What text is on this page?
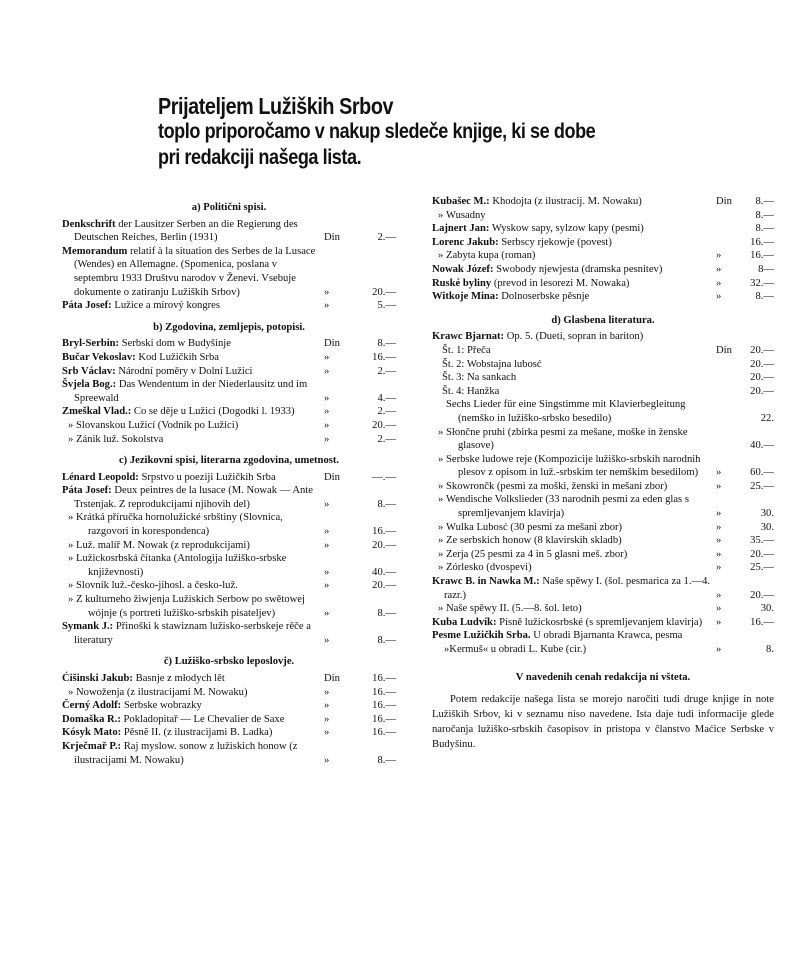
Prijateljem Lužiških Srbov
toplo priporočamo v nakup sledeče knjige, ki se dobe
pri redakciji našega lista.
a) Politični spisi.
Denkschrift der Lausitzer Serben an die Regierung des Deutschen Reiches, Berlin (1931)	Din	2.—
Memorandum relatif à la situation des Serbes de la Lusace (Wendes) en Allemagne. (Spomenica, poslana v septembru 1933 Društvu narodov v Ženevi. Vsebuje dokumente o zatiranju Lužiških Srbov)	»	20.—
Páta Josef: Lužice a mírový kongres	»	5.—
b) Zgodovina, zemljepis, potopisi.
Bryl-Serbin: Serbski dom w Budyšinje	Din	8.—
Bučar Vekoslav: Kod Lužičkih Srba	»	16.—
Srb Václav: Národní poměry v Dolní Lužici	»	2.—
Švjela Bog.: Das Wendentum in der Niederlausitz und im Spreewald	»	4.—
Zmeškal Vlad.: Co se děje u Lužici (Dogodki l. 1933)	»	2.—
» Slovanskou Lužicí (Vodník po Lužici)	»	20.—
» Zánik luž. Sokolstva	»	2.—
c) Jezikovni spisi, literarna zgodovina, umetnost.
Lénard Leopold: Srpstvo u poeziji Lužičkih Srba	Din	—.—
Páta Josef: Deux peintres de la lusace (M. Nowak — Ante Trstenjak. Z reprodukcijami njihovih del)	»	8.—
» Krátká příručka hornolužické srbštiny (Slovnica, razgovori in korespondenca)	»	16.—
» Luž. malíř M. Nowak (z reprodukcijami)	»	20.—
» Lužickosrbská čítanka (Antologija lužiško-srbske književnosti)	»	40.—
» Slovník luž.-česko-jihosl. a česko-luž.	»	20.—
» Z kulturneho žiwjenja Lužiskich Serbow po swětowej wójnje (s portreti lužiško-srbskih pisateljev)	»	8.—
Symank J.: Přinoški k stawiznam lužisko-serbskeje rěče a literatury	»	8.—
č) Lužiško-srbsko leposlovje.
Ćišinski Jakub: Basnje z młodych lět	Din	16.—
» Nowoženja (z ilustracijami M. Nowaku)	»	16.—
Černý Adolf: Serbske wobrazky	»	16.—
Domaška R.: Pokladopitař — Le Chevalier de Saxe	»	16.—
Kósyk Mato: Pěsnĕ II. (z ilustracijami B. Ladka)	»	16.—
Krječmař P.: Raj myslow. sonow z lužiskich honow (z ilustracijami M. Nowaku)	»	8.—
Kubašec M.: Khodojta (z ilustracij. M. Nowaku)	Din 8.—
» Wusadny	8.—
Lajnert Jan: Wyskow sapy, sylzow kapy (pesmi)	8.—
Lorenc Jakub: Serbscy rjekowje (povest)	16.—
» Zabyta kupa (roman)	»	16.—
Nowak Józef: Swobody njewjesta (dramska pesnitev)	»	8—
Ruské byliny (prevod in lesorezi M. Nowaka)	»	32.—
Witkoje Mina: Dolnoserbske pěsnje	»	8.—
d) Glasbena literatura.
Krawc Bjarnat: Op. 5. (Dueti, sopran in bariton)
Št. 1: Přeča	Din 20.—
Št. 2: Wobstajna lubosć	20.—
Št. 3: Na sankach	20.—
Št. 4: Hanžka	20.—
Sechs Lieder für eine Singstimme mit Klavierbegleitung (nemško in lužiško-srbsko besedilo)	22.
» Słončne pruhi (zbirka pesmi za mešane, moške in ženske glasove)	40.—
» Serbske ludowe reje (Kompozicije lužiško-srbskih narodnih plesov z opisom in luž.-srbskim ter nemškim besedilom)	»	60.—
» Skowrončk (pesmi za moški, ženski in mešani zbor)	»	25.—
» Wendische Volkslieder (33 narodnih pesmi za eden glas s spremljevanjem klavirja)	»	30.
» Wulka Lubosć (30 pesmi za mešani zbor)	»	30.
» Ze serbskich honow (8 klavirskih skladb)	»	35.—
» Zerja (25 pesmi za 4 in 5 glasni meš. zbor)	»	20.—
» Zórlesko (dvospevi)	»	25.—
Krawc B. in Nawka M.: Naše spěwy I. (šol. pesmarica za 1.—4. razr.)	»	20.—
» Naše spěwy II. (5.—8. šol. leto)	»	30.
Kuba Ludvík: Písně lužickosrbské (s spremljevanjem klavirja)	»	16.—
Pesme Lužičkih Srba. U obradi Bjarnanta Krawca, pesma »Kermuš« u obradi L. Kube (cir.)	»	8.
V navedenih cenah redakcija ni všteta.
Potem redakcije našega lista se morejo naročiti tudi druge knjige in note Lužiških Srbov, ki v seznamu niso navedene. Ista daje tudi informacije glede naročanja lužiško-srbskih časopisov in pristopa v članstvo Maćice Serbske v Budyšinu.
